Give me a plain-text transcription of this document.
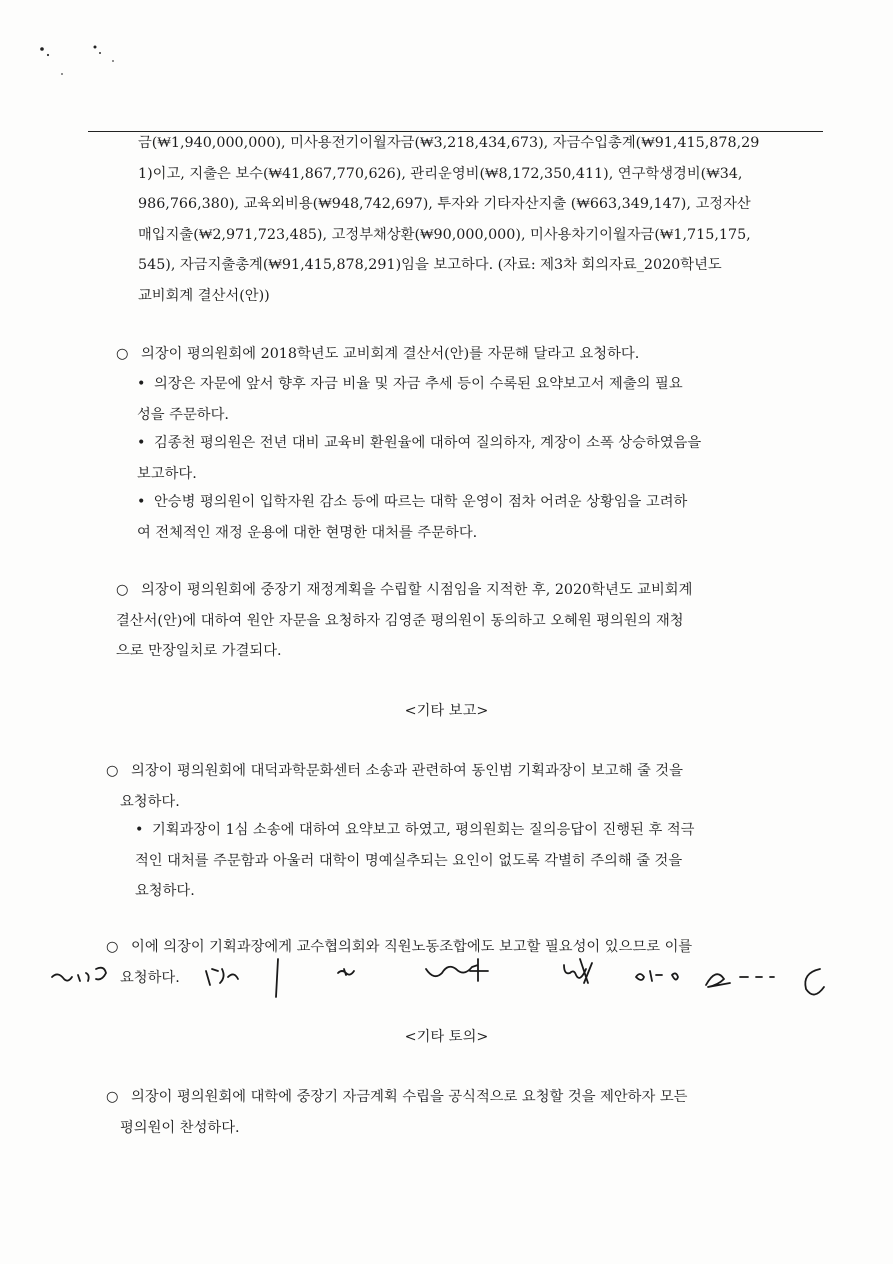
금(₩1,940,000,000), 미사용전기이월자금(₩3,218,434,673), 자금수입총계(₩91,415,878,29
1)이고, 지출은 보수(₩41,867,770,626), 관리운영비(₩8,172,350,411), 연구학생경비(₩34,
986,766,380), 교육외비용(₩948,742,697), 투자와 기타자산지출 (₩663,349,147), 고정자산
매입지출(₩2,971,723,485), 고정부채상환(₩90,000,000), 미사용차기이월자금(₩1,715,175,
545), 자금지출총계(₩91,415,878,291)임을 보고하다. (자료: 제3차 회의자료_2020학년도
교비회계 결산서(안))
○ 의장이 평의원회에 2018학년도 교비회계 결산서(안)를 자문해 달라고 요청하다.
• 의장은 자문에 앞서 향후 자금 비율 및 자금 추세 등이 수록된 요약보고서 제출의 필요
성을 주문하다.
• 김종천 평의원은 전년 대비 교육비 환원율에 대하여 질의하자, 계장이 소폭 상승하였음을
보고하다.
• 안승병 평의원이 입학자원 감소 등에 따르는 대학 운영이 점차 어려운 상황임을 고려하
여 전체적인 재정 운용에 대한 현명한 대처를 주문하다.
○ 의장이 평의원회에 중장기 재정계획을 수립할 시점임을 지적한 후, 2020학년도 교비회계
결산서(안)에 대하여 원안 자문을 요청하자 김영준 평의원이 동의하고 오혜원 평의원의 재청
으로 만장일치로 가결되다.
<기타 보고>
○ 의장이 평의원회에 대덕과학문화센터 소송과 관련하여 동인범 기획과장이 보고해 줄 것을
요청하다.
• 기획과장이 1심 소송에 대하여 요약보고 하였고, 평의원회는 질의응답이 진행된 후 적극
적인 대처를 주문함과 아울러 대학이 명예실추되는 요인이 없도록 각별히 주의해 줄 것을
요청하다.
○ 이에 의장이 기획과장에게 교수협의회와 직원노동조합에도 보고할 필요성이 있으므로 이를
요청하다.
<기타 토의>
○ 의장이 평의원회에 대학에 중장기 자금계획 수립을 공식적으로 요청할 것을 제안하자 모든
평의원이 찬성하다.
